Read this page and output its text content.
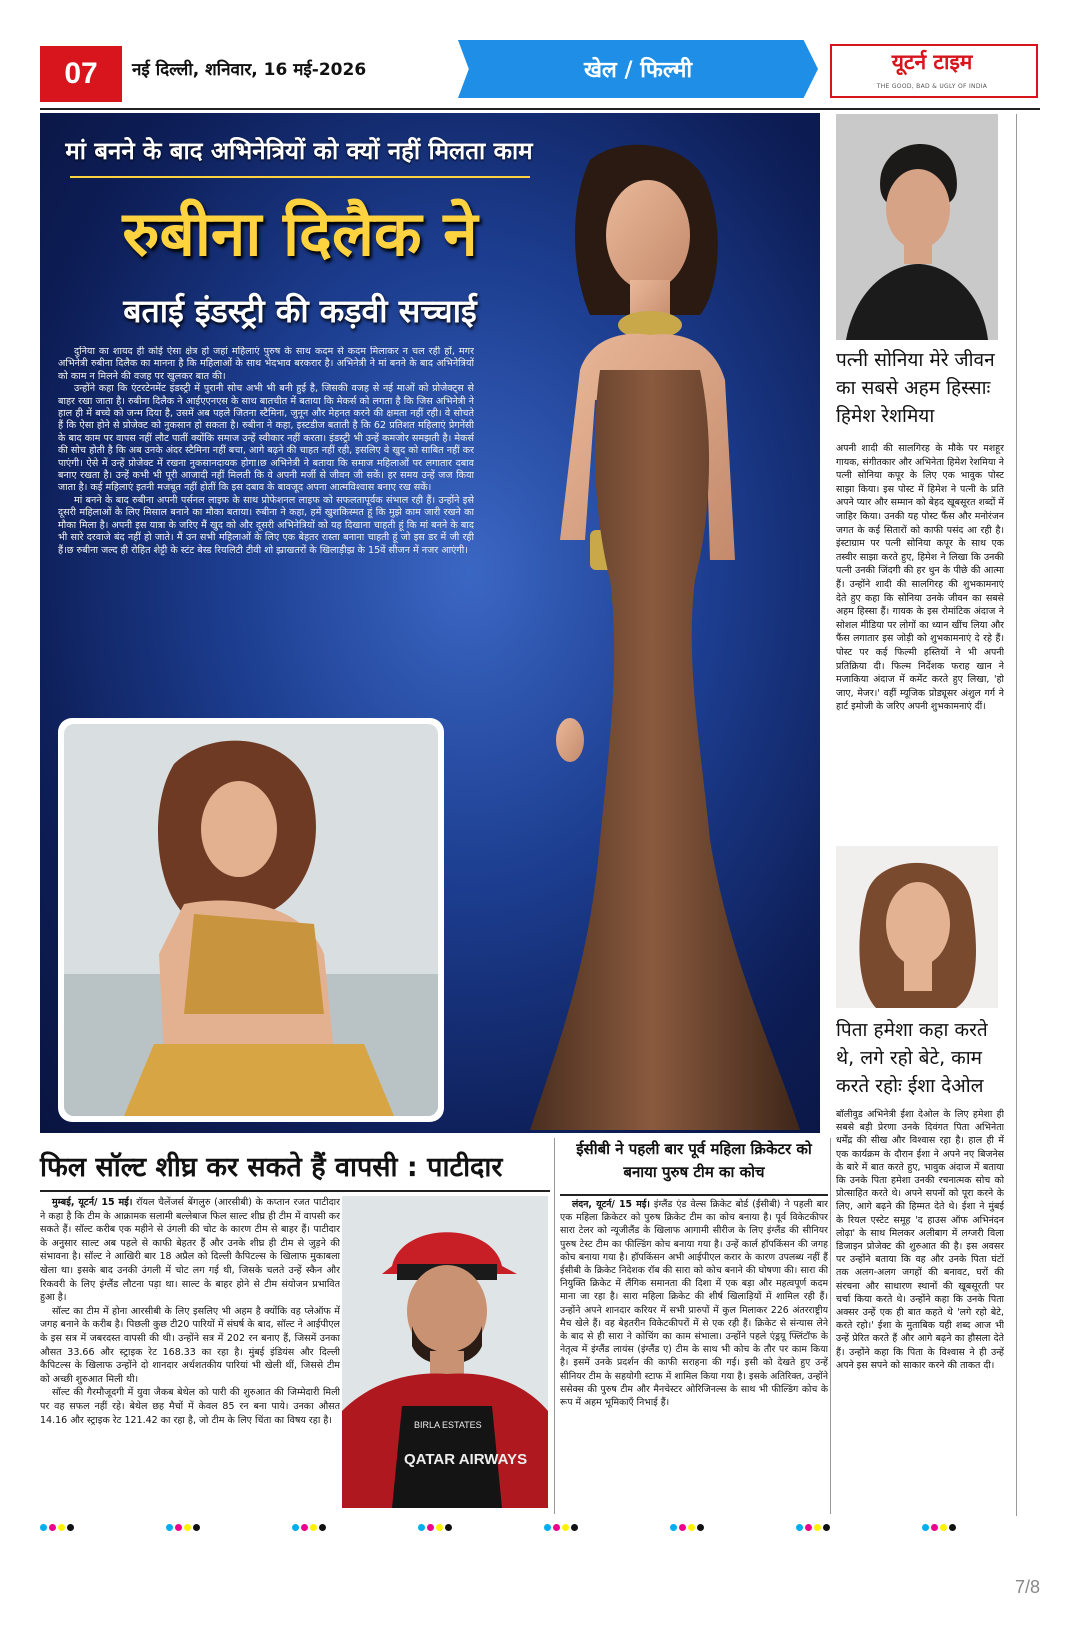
07	नई दिल्ली, शनिवार, 16 मई-2026	खेल / फिल्मी	यूटर्न टाइम
THE GOOD, BAD & UGLY OF INDIA
मां बनने के बाद अभिनेत्रियों को क्यों नहीं मिलता काम
रुबीना दिलैक ने
बताई इंडस्ट्री की कड़वी सच्चाई

दुनिया का शायद ही कोई ऐसा क्षेत्र हो जहां महिलाएं पुरुष के साथ कदम से कदम मिलाकर न चल रही हों, मगर अभिनेत्री रुबीना दिलैक का मानना है कि महिलाओं के साथ भेदभाव बरकरार है। अभिनेत्री ने मां बनने के बाद अभिनेत्रियों को काम न मिलने की वजह पर खुलकर बात की।

उन्होंने कहा कि एंटरटेनमेंट इंडस्ट्री में पुरानी सोच अभी भी बनी हुई है, जिसकी वजह से नई माओं को प्रोजेक्ट्स से बाहर रखा जाता है। रुबीना दिलैक ने आईएएनएस के साथ बातचीत में बताया कि मेकर्स को लगता है कि जिस अभिनेत्री ने हाल ही में बच्चे को जन्म दिया है, उसमें अब पहले जितना स्टैमिना, जुनून और मेहनत करने की क्षमता नहीं रही। वे सोचते हैं कि ऐसा होने से प्रोजेक्ट को नुकसान हो सकता है। रुबीना ने कहा, इस्टडीज बताती है कि 62 प्रतिशत महिलाएं प्रेगनेंसी के बाद काम पर वापस नहीं लौट पातीं क्योंकि समाज उन्हें स्वीकार नहीं करता। इंडस्ट्री भी उन्हें कमजोर समझती है। मेकर्स की सोच होती है कि अब उनके अंदर स्टैमिना नहीं बचा, आगे बढ़ने की चाहत नहीं रही, इसलिए वे खुद को साबित नहीं कर पाएंगी। ऐसे में उन्हें प्रोजेक्ट में रखना नुकसानदायक होगा।छ अभिनेत्री ने बताया कि समाज महिलाओं पर लगातार दबाव बनाए रखता है। उन्हें कभी भी पूरी आजादी नहीं मिलती कि वे अपनी मर्जी से जीवन जी सकें। हर समय उन्हें जज किया जाता है। कई महिलाएं इतनी मजबूत नहीं होतीं कि इस दबाव के बावजूद अपना आत्मविश्वास बनाए रख सकें।

मां बनने के बाद रुबीना अपनी पर्सनल लाइफ के साथ प्रोफेशनल लाइफ को सफलतापूर्वक संभाल रही हैं। उन्होंने इसे दूसरी महिलाओं के लिए मिसाल बनाने का मौका बताया। रुबीना ने कहा, हमें खुशकिस्मत हूं कि मुझे काम जारी रखने का मौका मिला है। अपनी इस यात्रा के जरिए मैं खुद को और दूसरी अभिनेत्रियों को यह दिखाना चाहती हूं कि मां बनने के बाद भी सारे दरवाजे बंद नहीं हो जाते। मैं उन सभी महिलाओं के लिए एक बेहतर रास्ता बनाना चाहती हूं जो इस डर में जी रही हैं।छ रुबीना जल्द ही रोहित शेट्टी के स्टंट बेस्ड रियलिटी टीवी शो झ्राखतरों के खिलाड़ीझ्र के 15वें सीजन में नजर आएंगी।

पत्नी सोनिया मेरे जीवन का सबसे अहम हिस्साः हिमेश रेशमिया
अपनी शादी की सालगिरह के मौके पर मशहूर गायक, संगीतकार और अभिनेता हिमेश रेशमिया ने पत्नी सोनिया कपूर के लिए एक भावुक पोस्ट साझा किया। इस पोस्ट में हिमेश ने पत्नी के प्रति अपने प्यार और सम्मान को बेहद खूबसूरत शब्दों में जाहिर किया। उनकी यह पोस्ट फैंस और मनोरंजन जगत के कई सितारों को काफी पसंद आ रही है। इंस्टाग्राम पर पत्नी सोनिया कपूर के साथ एक तस्वीर साझा करते हुए, हिमेश ने लिखा कि उनकी पत्नी उनकी जिंदगी की हर धुन के पीछे की आत्मा हैं। उन्होंने शादी की सालगिरह की शुभकामनाएं देते हुए कहा कि सोनिया उनके जीवन का सबसे अहम हिस्सा हैं। गायक के इस रोमांटिक अंदाज ने सोशल मीडिया पर लोगों का ध्यान खींच लिया और फैंस लगातार इस जोड़ी को शुभकामनाएं दे रहे हैं। पोस्ट पर कई फिल्मी हस्तियों ने भी अपनी प्रतिक्रिया दी। फिल्म निर्देशक फराह खान ने मजाकिया अंदाज में कमेंट करते हुए लिखा, 'हो जाए, मेजर।' वहीं म्यूजिक प्रोड्यूसर अंशुल गर्ग ने हार्ट इमोजी के जरिए अपनी शुभकामनाएं दीं।
पिता हमेशा कहा करते थे, लगे रहो बेटे, काम करते रहोः ईशा देओल
बॉलीवुड अभिनेत्री ईशा देओल के लिए हमेशा ही सबसे बड़ी प्रेरणा उनके दिवंगत पिता अभिनेता धर्मेंद्र की सीख और विश्वास रहा है। हाल ही में एक कार्यक्रम के दौरान ईशा ने अपने नए बिजनेस के बारे में बात करते हुए, भावुक अंदाज में बताया कि उनके पिता हमेशा उनकी रचनात्मक सोच को प्रोत्साहित करते थे। अपने सपनों को पूरा करने के लिए, आगे बढ़ने की हिम्मत देते थे। ईशा ने मुंबई के रियल एस्टेट समूह 'द हाउस ऑफ अभिनंदन लोढ़ा' के साथ मिलकर अलीबाग में लग्जरी विला डिजाइन प्रोजेक्ट की शुरुआत की है। इस अवसर पर उन्होंने बताया कि वह और उनके पिता घंटों तक अलग-अलग जगहों की बनावट, घरों की संरचना और साधारण स्थानों की खूबसूरती पर चर्चा किया करते थे। उन्होंने कहा कि उनके पिता अक्सर उन्हें एक ही बात कहते थे 'लगे रहो बेटे, करते रहो।' ईशा के मुताबिक यही शब्द आज भी उन्हें प्रेरित करते हैं और आगे बढ़ने का हौसला देते हैं। उन्होंने कहा कि पिता के विश्वास ने ही उन्हें अपने इस सपने को साकार करने की ताकत दी।
फिल सॉल्ट शीघ्र कर सकते हैं वापसी : पाटीदार

मुम्बई, यूटर्न/ 15 मई। रॉयल चैलेंजर्स बेंगलुरु (आरसीबी) के कप्तान रजत पाटीदार ने कहा है कि टीम के आक्रामक सलामी बल्लेबाज फिल साल्ट शीघ्र ही टीम में वापसी कर सकते हैं। सॉल्ट करीब एक महीने से उंगली की चोट के कारण टीम से बाहर हैं। पाटीदार के अनुसार साल्ट अब पहले से काफी बेहतर हैं और उनके शीघ्र ही टीम से जुड़ने की संभावना है। सॉल्ट ने आखिरी बार 18 अप्रैल को दिल्ली कैपिटल्स के खिलाफ मुकाबला खेला था। इसके बाद उनकी उंगली में चोट लग गई थी, जिसके चलते उन्हें स्कैन और रिकवरी के लिए इंग्लैंड लौटना पड़ा था। साल्ट के बाहर होने से टीम संयोजन प्रभावित हुआ है।

सॉल्ट का टीम में होना आरसीबी के लिए इसलिए भी अहम है क्योंकि वह प्लेऑफ में जगह बनाने के करीब है। पिछली कुछ टी20 पारियों में संघर्ष के बाद, सॉल्ट ने आईपीएल के इस सत्र में जबरदस्त वापसी की थी। उन्होंने सत्र में 202 रन बनाए हैं, जिसमें उनका औसत 33.66 और स्ट्राइक रेट 168.33 का रहा है। मुंबई इंडियंस और दिल्ली कैपिटल्स के खिलाफ उन्होंने दो शानदार अर्धशतकीय पारियां भी खेली थीं, जिससे टीम को अच्छी शुरुआत मिली थी।

सॉल्ट की गैरमौजूदगी में युवा जैकब बेथेल को पारी की शुरुआत की जिम्मेदारी मिली पर वह सफल नहीं रहे। बेथेल छह मैचों में केवल 85 रन बना पाये। उनका औसत 14.16 और स्ट्राइक रेट 121.42 का रहा है, जो टीम के लिए चिंता का विषय रहा है।	BIRLA ESTATES
QATAR AIRWAYS
ईसीबी ने पहली बार पूर्व महिला क्रिकेटर को बनाया पुरुष टीम का कोच

लंदन, यूटर्न/ 15 मई। इंग्लैंड एंड वेल्स क्रिकेट बोर्ड (ईसीबी) ने पहली बार एक महिला क्रिकेटर को पुरुष क्रिकेट टीम का कोच बनाया है। पूर्व विकेटकीपर सारा टेलर को न्यूजीलैंड के खिलाफ आगामी सीरीज के लिए इंग्लैंड की सीनियर पुरुष टेस्ट टीम का फील्डिंग कोच बनाया गया है। उन्हें कार्ल हॉपकिंसन की जगह कोच बनाया गया है। हॉपकिंसन अभी आईपीएल करार के कारण उपलब्ध नहीं हैं ईसीबी के क्रिकेट निदेशक रॉब की सारा को कोच बनाने की घोषणा की। सारा की नियुक्ति क्रिकेट में लैंगिक समानता की दिशा में एक बड़ा और महत्वपूर्ण कदम माना जा रहा है। सारा महिला क्रिकेट की शीर्ष खिलाड़ियों में शामिल रही हैं। उन्होंने अपने शानदार करियर में सभी प्रारुपों में कुल मिलाकर 226 अंतरराष्ट्रीय मैच खेले हैं। वह बेहतरीन विकेटकीपरों में से एक रही हैं। क्रिकेट से संन्यास लेने के बाद से ही सारा ने कोचिंग का काम संभाला। उन्होंने पहले एंड्रयू फ्लिंटॉफ के नेतृत्व में इंग्लैंड लायंस (इंग्लैंड ए) टीम के साथ भी कोच के तौर पर काम किया है। इसमें उनके प्रदर्शन की काफी सराहना की गई। इसी को देखते हुए उन्हें सीनियर टीम के सहयोगी स्टाफ में शामिल किया गया है। इसके अतिरिक्त, उन्होंने ससेक्स की पुरुष टीम और मैनचेस्टर ओरिजिनल्स के साथ भी फील्डिंग कोच के रूप में अहम भूमिकाएँ निभाई हैं।

7/8
